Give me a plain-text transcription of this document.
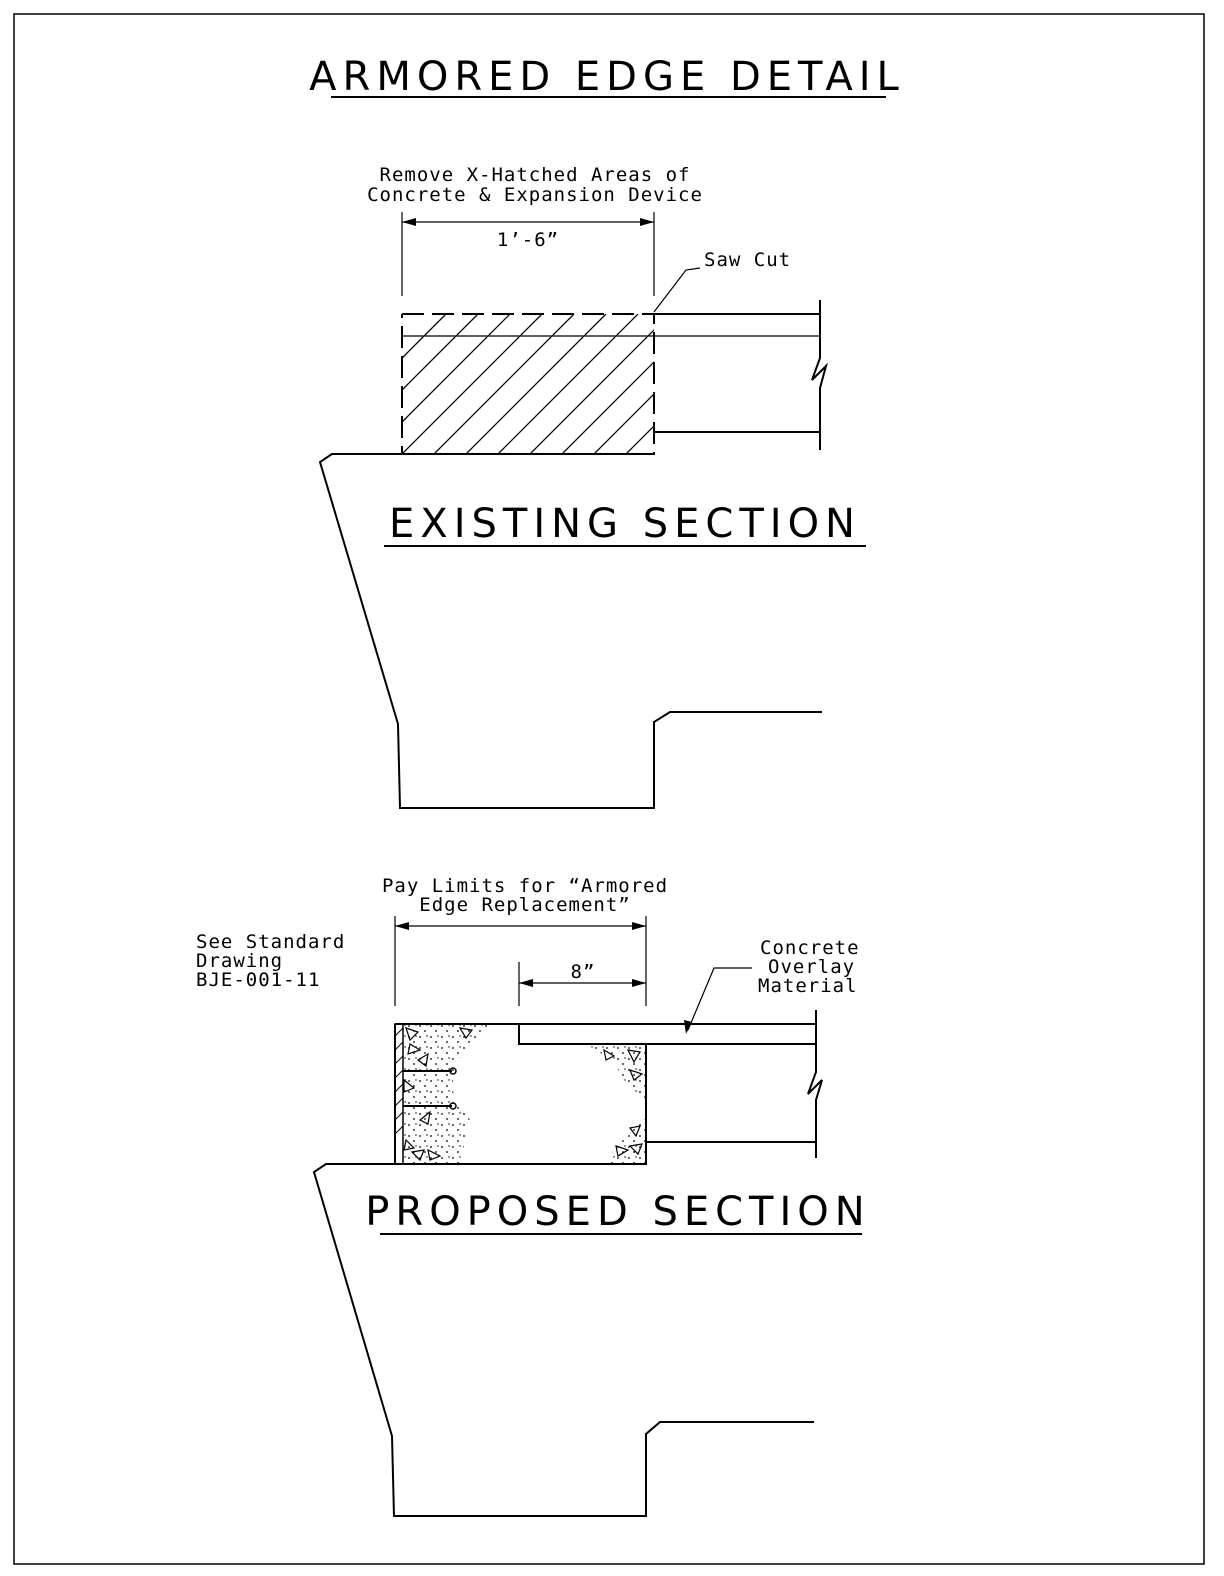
ARMORED EDGE DETAIL
Remove X-Hatched Areas of
Concrete & Expansion Device
1’-6”
Saw Cut
EXISTING SECTION
Pay Limits for “Armored
Edge Replacement”
See Standard
Drawing
BJE-001-11	8”
Concrete
Overlay
Material
PROPOSED SECTION
